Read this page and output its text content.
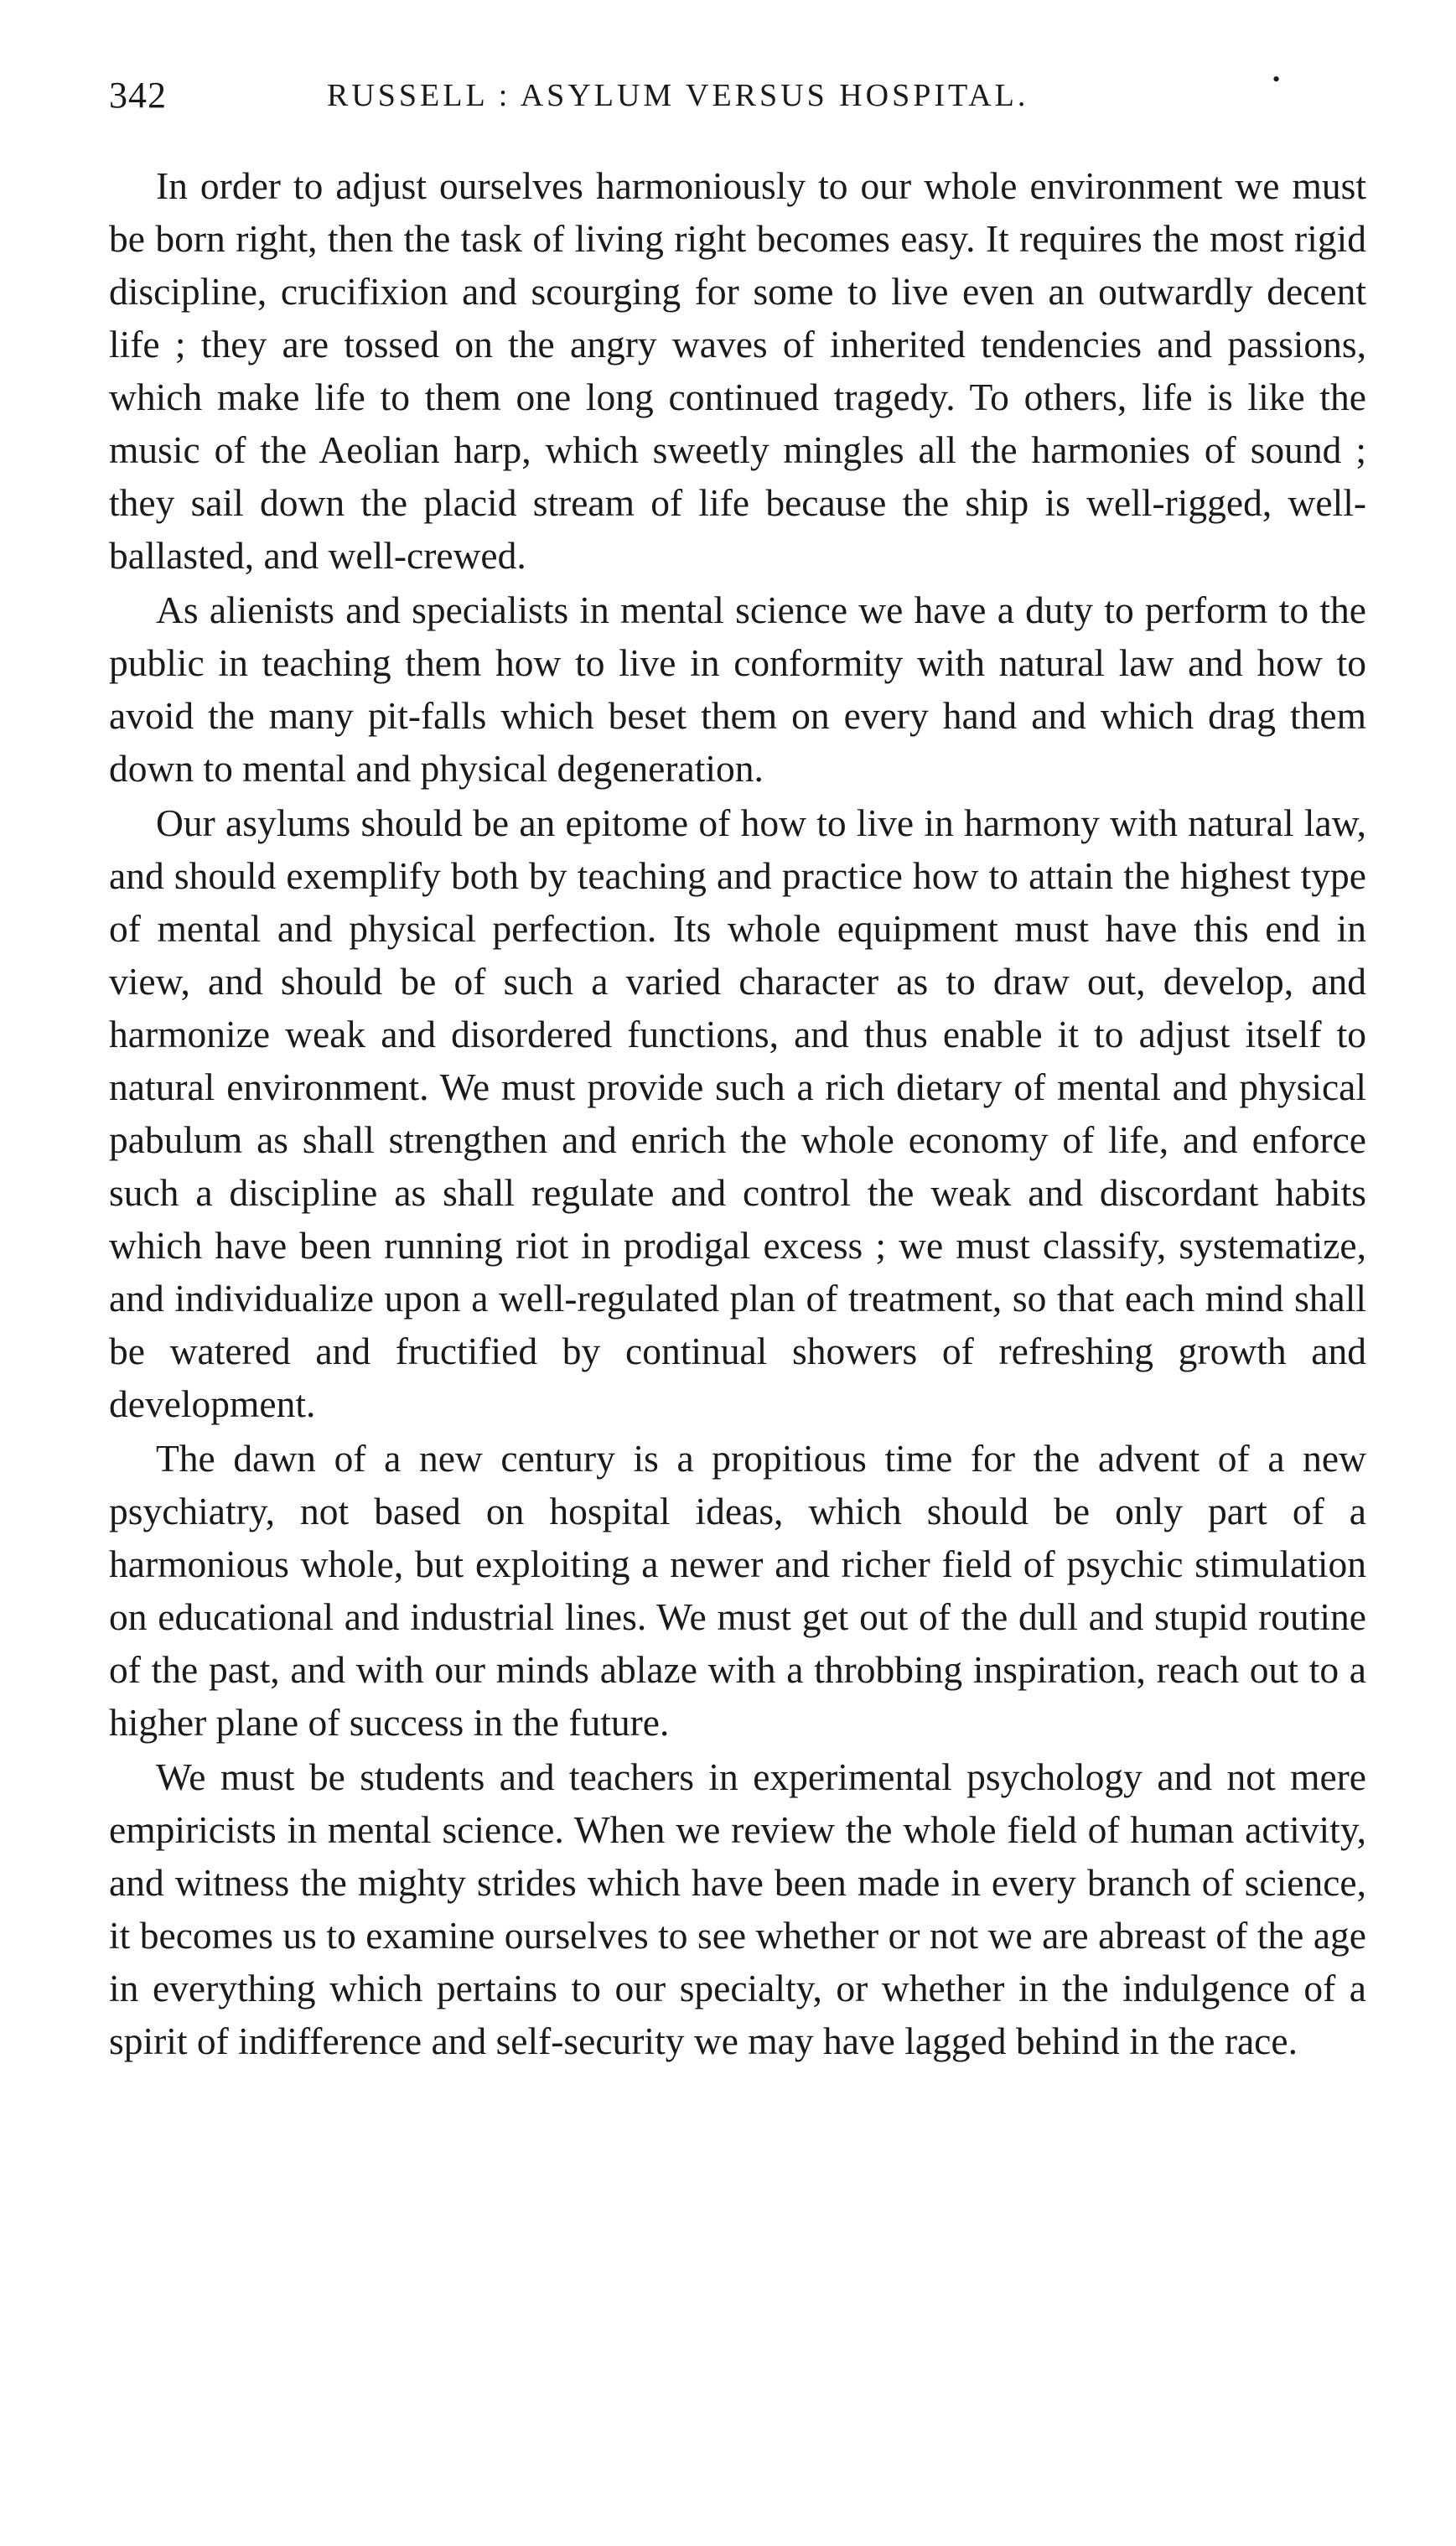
342	RUSSELL : ASYLUM VERSUS HOSPITAL.	•

In order to adjust ourselves harmoniously to our whole environment we must be born right, then the task of living right becomes easy. It requires the most rigid discipline, crucifixion and scourging for some to live even an outwardly decent life ; they are tossed on the angry waves of inherited tendencies and passions, which make life to them one long continued tragedy. To others, life is like the music of the Aeolian harp, which sweetly mingles all the harmonies of sound ; they sail down the placid stream of life because the ship is well-rigged, well-ballasted, and well-crewed.

As alienists and specialists in mental science we have a duty to perform to the public in teaching them how to live in conformity with natural law and how to avoid the many pit-falls which beset them on every hand and which drag them down to mental and physical degeneration.

Our asylums should be an epitome of how to live in harmony with natural law, and should exemplify both by teaching and practice how to attain the highest type of mental and physical perfection. Its whole equipment must have this end in view, and should be of such a varied character as to draw out, develop, and harmonize weak and disordered functions, and thus enable it to adjust itself to natural environment. We must provide such a rich dietary of mental and physical pabulum as shall strengthen and enrich the whole economy of life, and enforce such a discipline as shall regulate and control the weak and discordant habits which have been running riot in prodigal excess ; we must classify, systematize, and individualize upon a well-regulated plan of treatment, so that each mind shall be watered and fructified by continual showers of refreshing growth and development.

The dawn of a new century is a propitious time for the advent of a new psychiatry, not based on hospital ideas, which should be only part of a harmonious whole, but exploiting a newer and richer field of psychic stimulation on educational and industrial lines. We must get out of the dull and stupid routine of the past, and with our minds ablaze with a throbbing inspiration, reach out to a higher plane of success in the future.

We must be students and teachers in experimental psychology and not mere empiricists in mental science. When we review the whole field of human activity, and witness the mighty strides which have been made in every branch of science, it becomes us to examine ourselves to see whether or not we are abreast of the age in everything which pertains to our specialty, or whether in the indulgence of a spirit of indifference and self-security we may have lagged behind in the race.
